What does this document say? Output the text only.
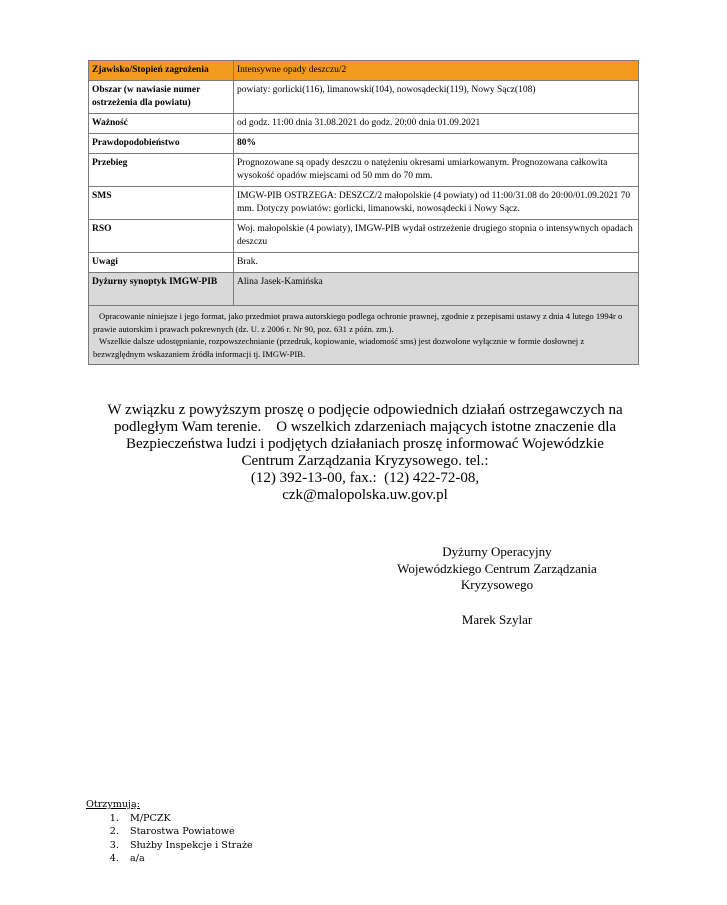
Zjawisko/Stopień zagrożenia	Intensywne opady deszczu/2
Obszar (w nawiasie numer ostrzeżenia dla powiatu)	powiaty: gorlicki(116), limanowski(104), nowosądecki(119), Nowy Sącz(108)
Ważność	od godz. 11:00 dnia 31.08.2021 do godz. 20:00 dnia 01.09.2021
Prawdopodobieństwo	80%
Przebieg	Prognozowane są opady deszczu o natężeniu okresami umiarkowanym. Prognozowana całkowita wysokość opadów miejscami od 50 mm do 70 mm.
SMS	IMGW-PIB OSTRZEGA: DESZCZ/2 małopolskie (4 powiaty) od 11:00/31.08 do 20:00/01.09.2021 70 mm. Dotyczy powiatów: gorlicki, limanowski, nowosądecki i Nowy Sącz.
RSO	Woj. małopolskie (4 powiaty), IMGW-PIB wydał ostrzeżenie drugiego stopnia o intensywnych opadach deszczu
Uwagi	Brak.
Dyżurny synoptyk IMGW-PIB	Alina Jasek-Kamińska

Opracowanie niniejsze i jego format, jako przedmiot prawa autorskiego podlega ochronie prawnej, zgodnie z przepisami ustawy z dnia 4 lutego 1994r o prawie autorskim i prawach pokrewnych (dz. U. z 2006 r. Nr 90, poz. 631 z późn. zm.).
Wszelkie dalsze udostępnianie, rozpowszechnianie (przedruk, kopiowanie, wiadomość sms) jest dozwolone wyłącznie w formie dosłownej z bezwzględnym wskazaniem źródła informacji tj. IMGW-PIB.	
W związku z powyższym proszę o podjęcie odpowiednich działań ostrzegawczych na
podległym Wam terenie.    O wszelkich zdarzeniach mających istotne znaczenie dla
Bezpieczeństwa ludzi i podjętych działaniach proszę informować Wojewódzkie
Centrum Zarządzania Kryzysowego. tel.:
(12) 392-13-00, fax.:  (12) 422-72-08,
czk@malopolska.uw.gov.pl
Dyżurny Operacyjny
Wojewódzkiego Centrum Zarządzania
Kryzysowego
Marek Szylar
Otrzymują:
1. M/PCZK
2. Starostwa Powiatowe
3. Służby Inspekcje i Straże
4. a/a
